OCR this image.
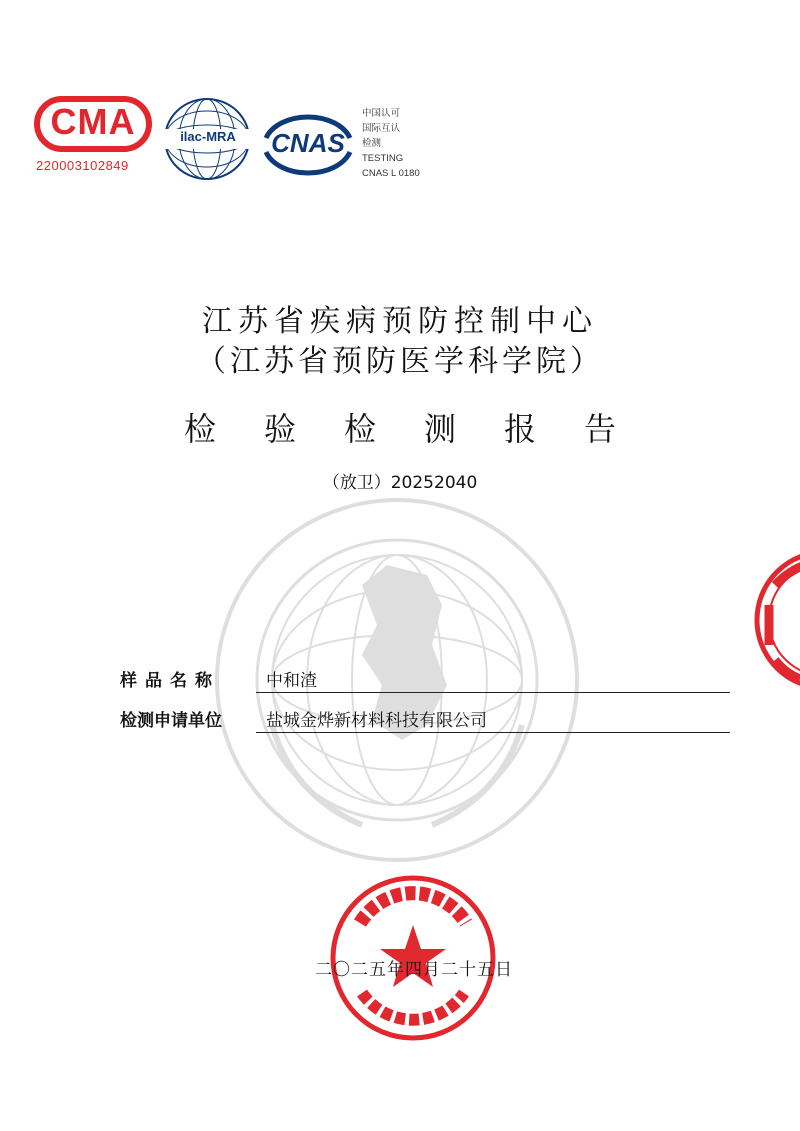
CMA
220003102849
ilac-MRA	CNAS
中国认可
国际互认
检测
TESTING
CNAS L 0180
江苏省疾病预防控制中心
（江苏省预防医学科学院）
检验检测报告
（放卫）20252040
样品名称	中和渣
检测申请单位	盐城金烨新材料科技有限公司
二〇二五年四月二十五日
